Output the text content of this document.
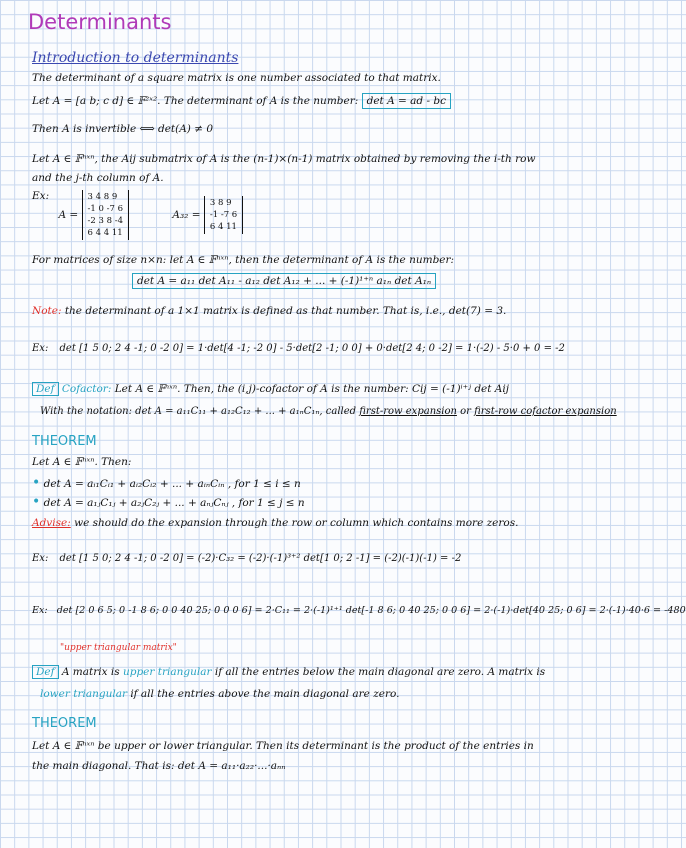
Determinants
Introduction to determinants
The determinant of a square matrix is one number associated to that matrix.
Let A = [a b; c d] ∈ 𝔽²ˣ². The determinant of A is the number: det A = ad - bc
Then A is invertible ⟺ det(A) ≠ 0
Let A ∈ 𝔽ⁿˣⁿ, the Aij submatrix of A is the (n-1)×(n-1) matrix obtained by removing the i-th row
and the j-th column of A.
Ex: A =
3 4 8 9
-1 0 -7 6
-2 3 8 -4
6 4 4 11
A₃₂ =
3 8 9
-1 -7 6
6 4 11
For matrices of size n×n: let A ∈ 𝔽ⁿˣⁿ, then the determinant of A is the number:
det A = a₁₁ det A₁₁ - a₁₂ det A₁₂ + ... + (-1)¹⁺ⁿ a₁ₙ det A₁ₙ
Note: the determinant of a 1×1 matrix is defined as that number. That is, i.e., det(7) = 3.
Ex: det [1 5 0; 2 4 -1; 0 -2 0] = 1·det[4 -1; -2 0] - 5·det[2 -1; 0 0] + 0·det[2 4; 0 -2] = 1·(-2) - 5·0 + 0 = -2
Def Cofactor: Let A ∈ 𝔽ⁿˣⁿ. Then, the (i,j)-cofactor of A is the number: Cij = (-1)ⁱ⁺ʲ det Aij
With the notation: det A = a₁₁C₁₁ + a₁₂C₁₂ + ... + a₁ₙC₁ₙ, called first-row expansion or first-row cofactor expansion
THEOREM
Let A ∈ 𝔽ⁿˣⁿ. Then:
• det A = aᵢ₁Cᵢ₁ + aᵢ₂Cᵢ₂ + ... + aᵢₙCᵢₙ , for 1 ≤ i ≤ n
• det A = a₁ⱼC₁ⱼ + a₂ⱼC₂ⱼ + ... + aₙⱼCₙⱼ , for 1 ≤ j ≤ n
Advise: we should do the expansion through the row or column which contains more zeros.
Ex: det [1 5 0; 2 4 -1; 0 -2 0] = (-2)·C₃₂ = (-2)·(-1)³⁺² det[1 0; 2 -1] = (-2)(-1)(-1) = -2
Ex: det [2 0 6 5; 0 -1 8 6; 0 0 40 25; 0 0 0 6] = 2·C₁₁ = 2·(-1)¹⁺¹ det[-1 8 6; 0 40 25; 0 0 6] = 2·(-1)·det[40 25; 0 6] = 2·(-1)·40·6 = -480
"upper triangular matrix"
Def A matrix is upper triangular if all the entries below the main diagonal are zero. A matrix is
lower triangular if all the entries above the main diagonal are zero.
THEOREM
Let A ∈ 𝔽ⁿˣⁿ be upper or lower triangular. Then its determinant is the product of the entries in
the main diagonal. That is: det A = a₁₁·a₂₂·...·aₙₙ
